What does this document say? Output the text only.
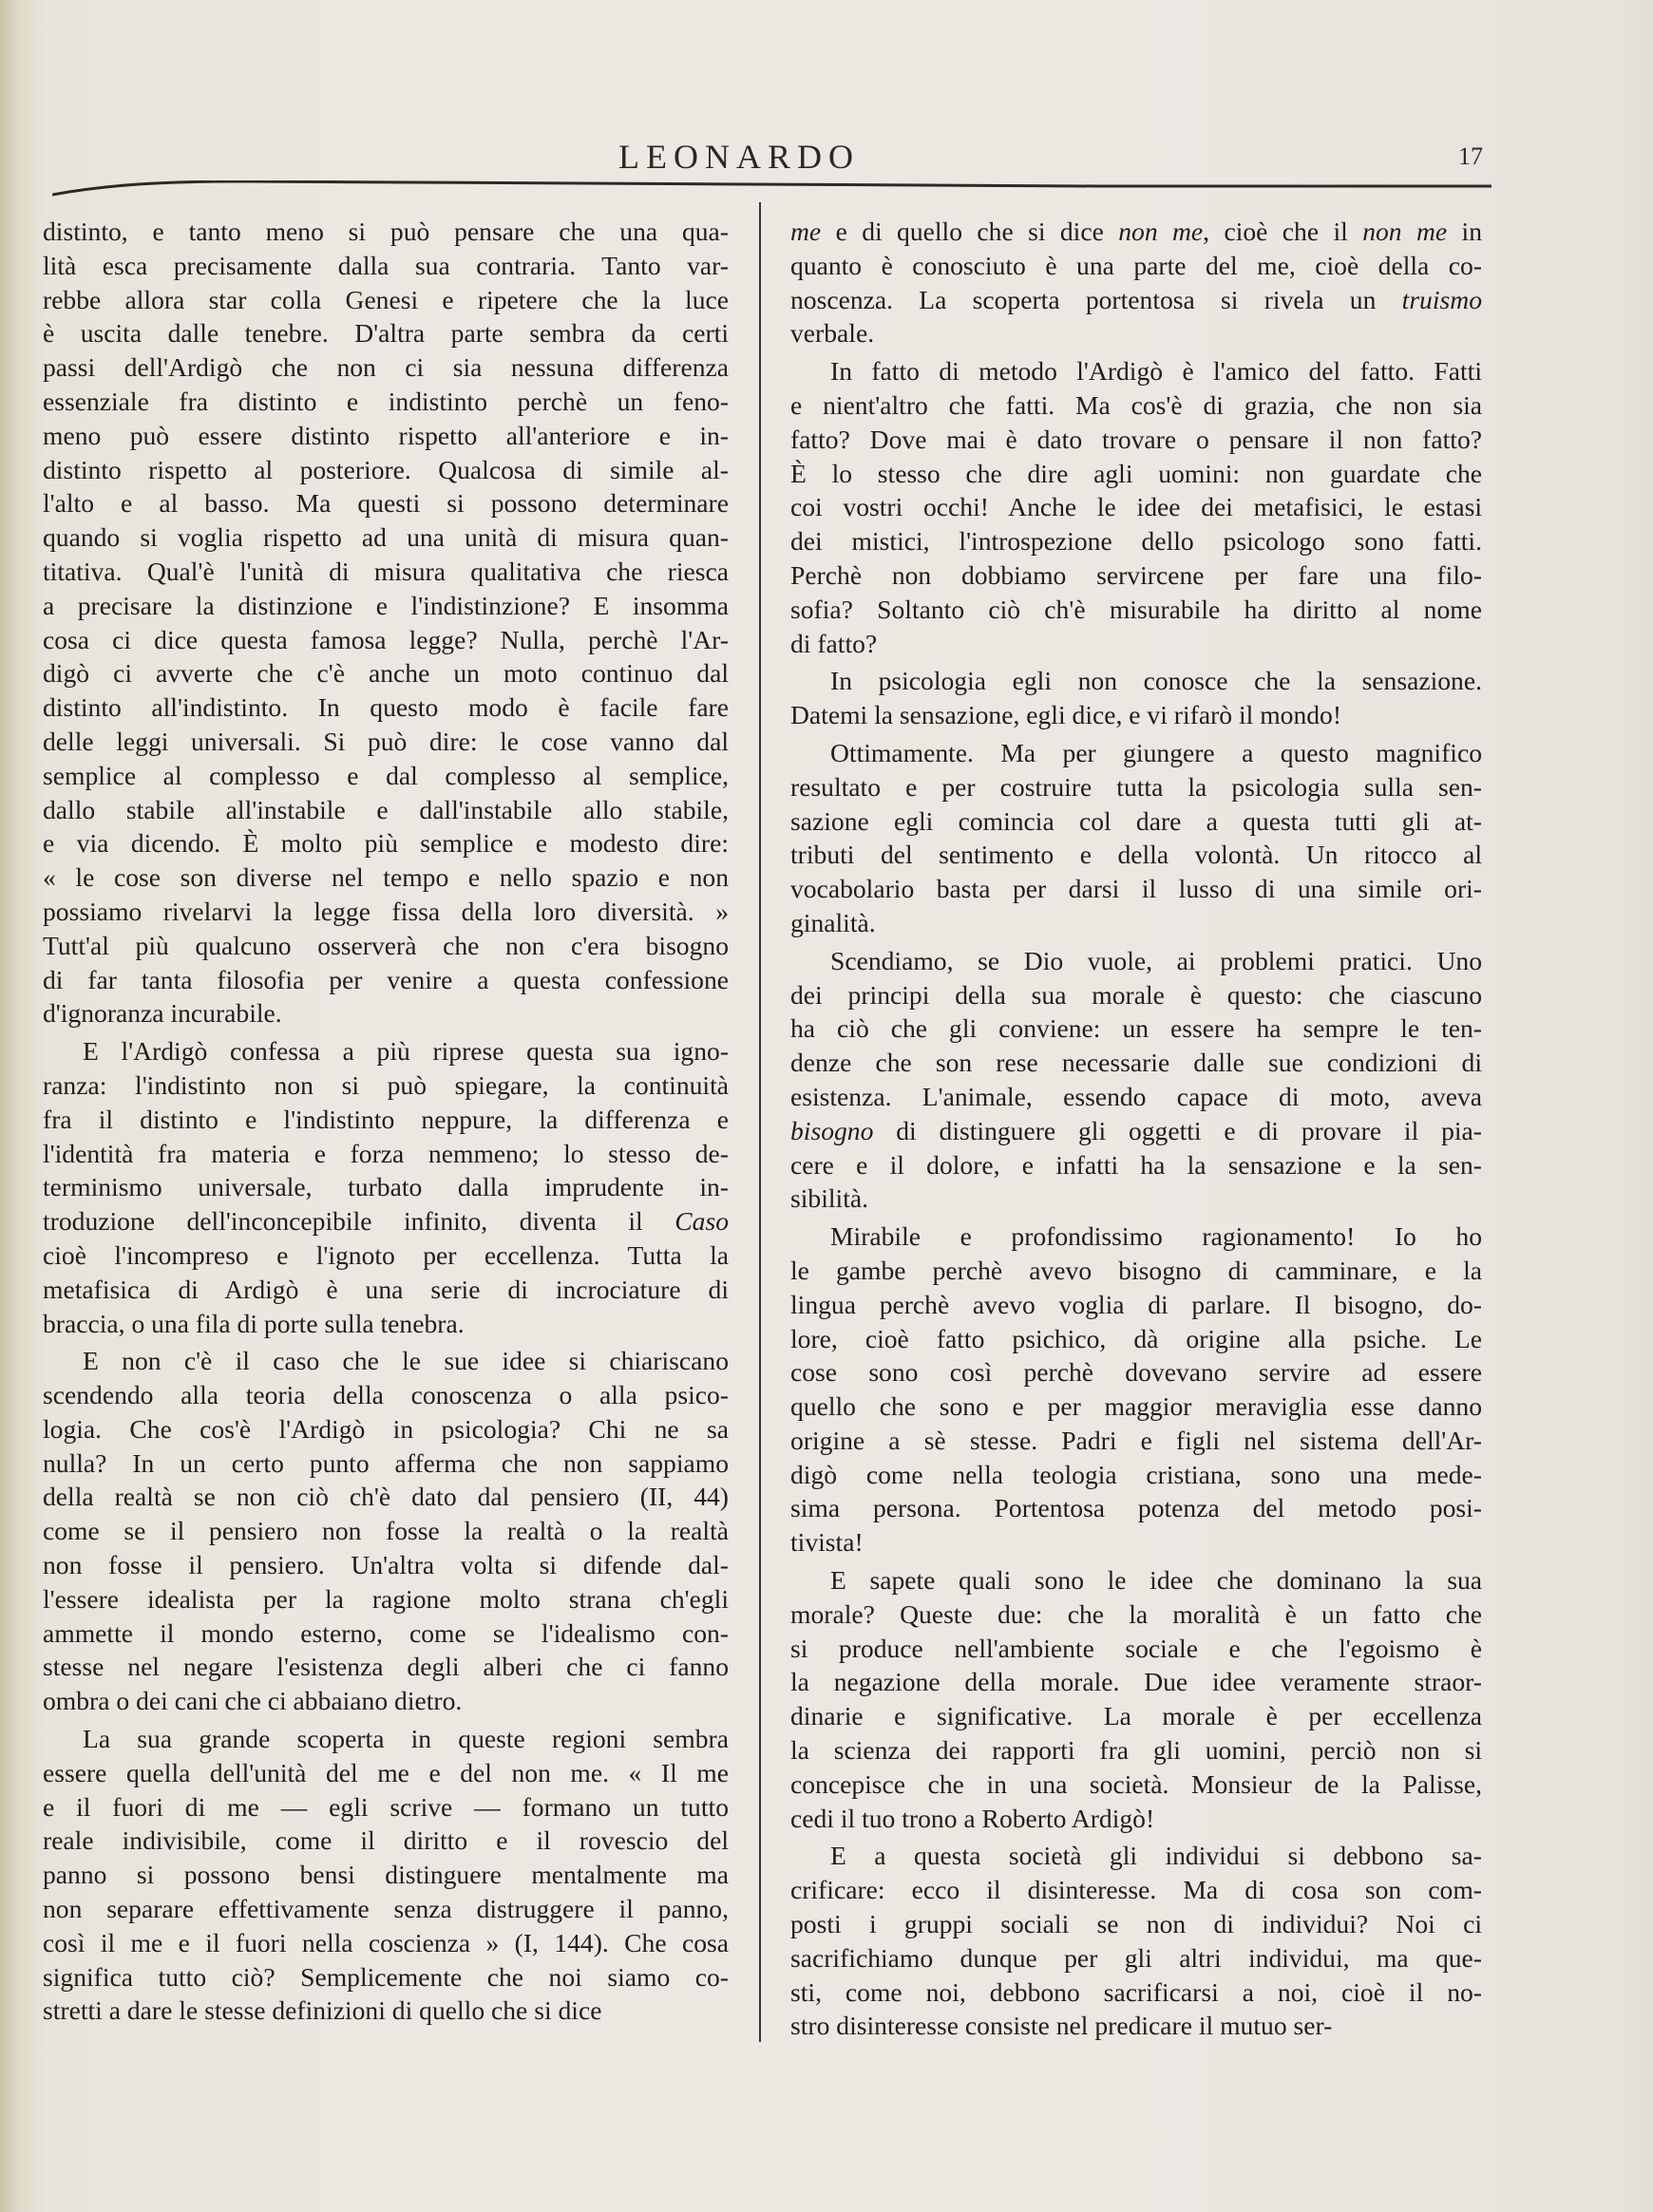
LEONARDO	17
distinto, e tanto meno si può pensare che una qua-
lità esca precisamente dalla sua contraria. Tanto var-
rebbe allora star colla Genesi e ripetere che la luce
è uscita dalle tenebre. D'altra parte sembra da certi
passi dell'Ardigò che non ci sia nessuna differenza
essenziale fra distinto e indistinto perchè un feno-
meno può essere distinto rispetto all'anteriore e in-
distinto rispetto al posteriore. Qualcosa di simile al-
l'alto e al basso. Ma questi si possono determinare
quando si voglia rispetto ad una unità di misura quan-
titativa. Qual'è l'unità di misura qualitativa che riesca
a precisare la distinzione e l'indistinzione? E insomma
cosa ci dice questa famosa legge? Nulla, perchè l'Ar-
digò ci avverte che c'è anche un moto continuo dal
distinto all'indistinto. In questo modo è facile fare
delle leggi universali. Si può dire: le cose vanno dal
semplice al complesso e dal complesso al semplice,
dallo stabile all'instabile e dall'instabile allo stabile,
e via dicendo. È molto più semplice e modesto dire:
« le cose son diverse nel tempo e nello spazio e non
possiamo rivelarvi la legge fissa della loro diversità. »
Tutt'al più qualcuno osserverà che non c'era bisogno
di far tanta filosofia per venire a questa confessione
d'ignoranza incurabile.
E l'Ardigò confessa a più riprese questa sua igno-
ranza: l'indistinto non si può spiegare, la continuità
fra il distinto e l'indistinto neppure, la differenza e
l'identità fra materia e forza nemmeno; lo stesso de-
terminismo universale, turbato dalla imprudente in-
troduzione dell'inconcepibile infinito, diventa il Caso
cioè l'incompreso e l'ignoto per eccellenza. Tutta la
metafisica di Ardigò è una serie di incrociature di
braccia, o una fila di porte sulla tenebra.
E non c'è il caso che le sue idee si chiariscano
scendendo alla teoria della conoscenza o alla psico-
logia. Che cos'è l'Ardigò in psicologia? Chi ne sa
nulla? In un certo punto afferma che non sappiamo
della realtà se non ciò ch'è dato dal pensiero (II, 44)
come se il pensiero non fosse la realtà o la realtà
non fosse il pensiero. Un'altra volta si difende dal-
l'essere idealista per la ragione molto strana ch'egli
ammette il mondo esterno, come se l'idealismo con-
stesse nel negare l'esistenza degli alberi che ci fanno
ombra o dei cani che ci abbaiano dietro.
La sua grande scoperta in queste regioni sembra
essere quella dell'unità del me e del non me. « Il me
e il fuori di me — egli scrive — formano un tutto
reale indivisibile, come il diritto e il rovescio del
panno si possono bensi distinguere mentalmente ma
non separare effettivamente senza distruggere il panno,
così il me e il fuori nella coscienza » (I, 144). Che cosa
significa tutto ciò? Semplicemente che noi siamo co-
stretti a dare le stesse definizioni di quello che si dice
me e di quello che si dice non me, cioè che il non me in
quanto è conosciuto è una parte del me, cioè della co-
noscenza. La scoperta portentosa si rivela un truismo
verbale.
In fatto di metodo l'Ardigò è l'amico del fatto. Fatti
e nient'altro che fatti. Ma cos'è di grazia, che non sia
fatto? Dove mai è dato trovare o pensare il non fatto?
È lo stesso che dire agli uomini: non guardate che
coi vostri occhi! Anche le idee dei metafisici, le estasi
dei mistici, l'introspezione dello psicologo sono fatti.
Perchè non dobbiamo servircene per fare una filo-
sofia? Soltanto ciò ch'è misurabile ha diritto al nome
di fatto?
In psicologia egli non conosce che la sensazione.
Datemi la sensazione, egli dice, e vi rifarò il mondo!
Ottimamente. Ma per giungere a questo magnifico
resultato e per costruire tutta la psicologia sulla sen-
sazione egli comincia col dare a questa tutti gli at-
tributi del sentimento e della volontà. Un ritocco al
vocabolario basta per darsi il lusso di una simile ori-
ginalità.
Scendiamo, se Dio vuole, ai problemi pratici. Uno
dei principi della sua morale è questo: che ciascuno
ha ciò che gli conviene: un essere ha sempre le ten-
denze che son rese necessarie dalle sue condizioni di
esistenza. L'animale, essendo capace di moto, aveva
bisogno di distinguere gli oggetti e di provare il pia-
cere e il dolore, e infatti ha la sensazione e la sen-
sibilità.
Mirabile e profondissimo ragionamento! Io ho
le gambe perchè avevo bisogno di camminare, e la
lingua perchè avevo voglia di parlare. Il bisogno, do-
lore, cioè fatto psichico, dà origine alla psiche. Le
cose sono così perchè dovevano servire ad essere
quello che sono e per maggior meraviglia esse danno
origine a sè stesse. Padri e figli nel sistema dell'Ar-
digò come nella teologia cristiana, sono una mede-
sima persona. Portentosa potenza del metodo posi-
tivista!
E sapete quali sono le idee che dominano la sua
morale? Queste due: che la moralità è un fatto che
si produce nell'ambiente sociale e che l'egoismo è
la negazione della morale. Due idee veramente straor-
dinarie e significative. La morale è per eccellenza
la scienza dei rapporti fra gli uomini, perciò non si
concepisce che in una società. Monsieur de la Palisse,
cedi il tuo trono a Roberto Ardigò!
E a questa società gli individui si debbono sa-
crificare: ecco il disinteresse. Ma di cosa son com-
posti i gruppi sociali se non di individui? Noi ci
sacrifichiamo dunque per gli altri individui, ma que-
sti, come noi, debbono sacrificarsi a noi, cioè il no-
stro disinteresse consiste nel predicare il mutuo ser-
